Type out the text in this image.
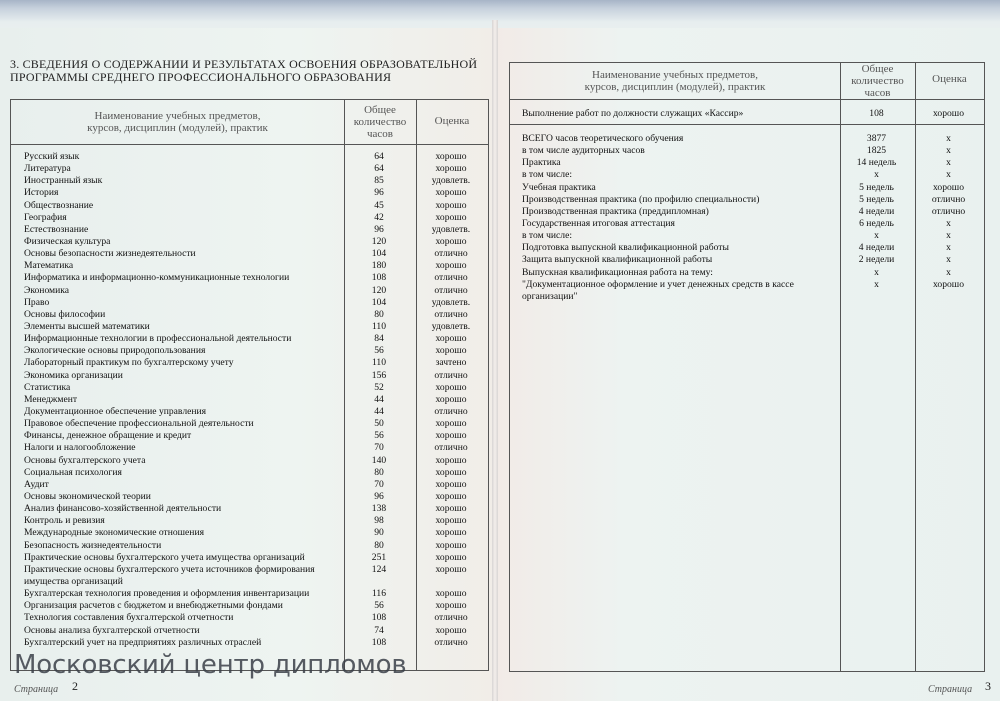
3. СВЕДЕНИЯ О СОДЕРЖАНИИ И РЕЗУЛЬТАТАХ ОСВОЕНИЯ ОБРАЗОВАТЕЛЬНОЙ
ПРОГРАММЫ СРЕДНЕГО ПРОФЕССИОНАЛЬНОГО ОБРАЗОВАНИЯ
Наименование учебных предметов,
курсов, дисциплин (модулей), практик
Общее
количество
часов
Оценка
Русский язык	64	хорошо
Литература	64	хорошо
Иностранный язык	85	удовлетв.
История	96	хорошо
Обществознание	45	хорошо
География	42	хорошо
Естествознание	96	удовлетв.
Физическая культура	120	хорошо
Основы безопасности жизнедеятельности	104	отлично
Математика	180	хорошо
Информатика и информационно-коммуникационные технологии	108	отлично
Экономика	120	отлично
Право	104	удовлетв.
Основы философии	80	отлично
Элементы высшей математики	110	удовлетв.
Информационные технологии в профессиональной деятельности	84	хорошо
Экологические основы природопользования	56	хорошо
Лабораторный практикум по бухгалтерскому учету	110	зачтено
Экономика организации	156	отлично
Статистика	52	хорошо
Менеджмент	44	хорошо
Документационное обеспечение управления	44	отлично
Правовое обеспечение профессиональной деятельности	50	хорошо
Финансы, денежное обращение и кредит	56	хорошо
Налоги и налогообложение	70	отлично
Основы бухгалтерского учета	140	хорошо
Социальная психология	80	хорошо
Аудит	70	хорошо
Основы экономической теории	96	хорошо
Анализ финансово-хозяйственной деятельности	138	хорошо
Контроль и ревизия	98	хорошо
Международные экономические отношения	90	хорошо
Безопасность жизнедеятельности	80	хорошо
Практические основы бухгалтерского учета имущества организаций	251	хорошо
Практические основы бухгалтерского учета источников формирования имущества организаций
124	хорошо
Бухгалтерская технология проведения и оформления инвентаризации	116	хорошо
Организация расчетов с бюджетом и внебюджетными фондами	56	хорошо
Технология составления бухгалтерской отчетности	108	отлично
Основы анализа бухгалтерской отчетности	74	хорошо
Бухгалтерский учет на предприятиях различных отраслей	108	отлично
Московский центр дипломов
Страница 2
Наименование учебных предметов,
курсов, дисциплин (модулей), практик
Общее
количество
часов
Оценка
Выполнение работ по должности служащих «Кассир»	108	хорошо
ВСЕГО часов теоретического обучения	3877	x
в том числе аудиторных часов	1825	x
Практика	14 недель	x
в том числе:	x	x
Учебная практика	5 недель	хорошо
Производственная практика (по профилю специальности)	5 недель	отлично
Производственная практика (преддипломная)	4 недели	отлично
Государственная итоговая аттестация	6 недель	x
в том числе:	x	x
Подготовка выпускной квалификационной работы	4 недели	x
Защита выпускной квалификационной работы	2 недели	x
Выпускная квалификационная работа на тему:	x	x
"Документационное оформление и учет денежных средств в кассе организации"
x	хорошо
Страница 3
